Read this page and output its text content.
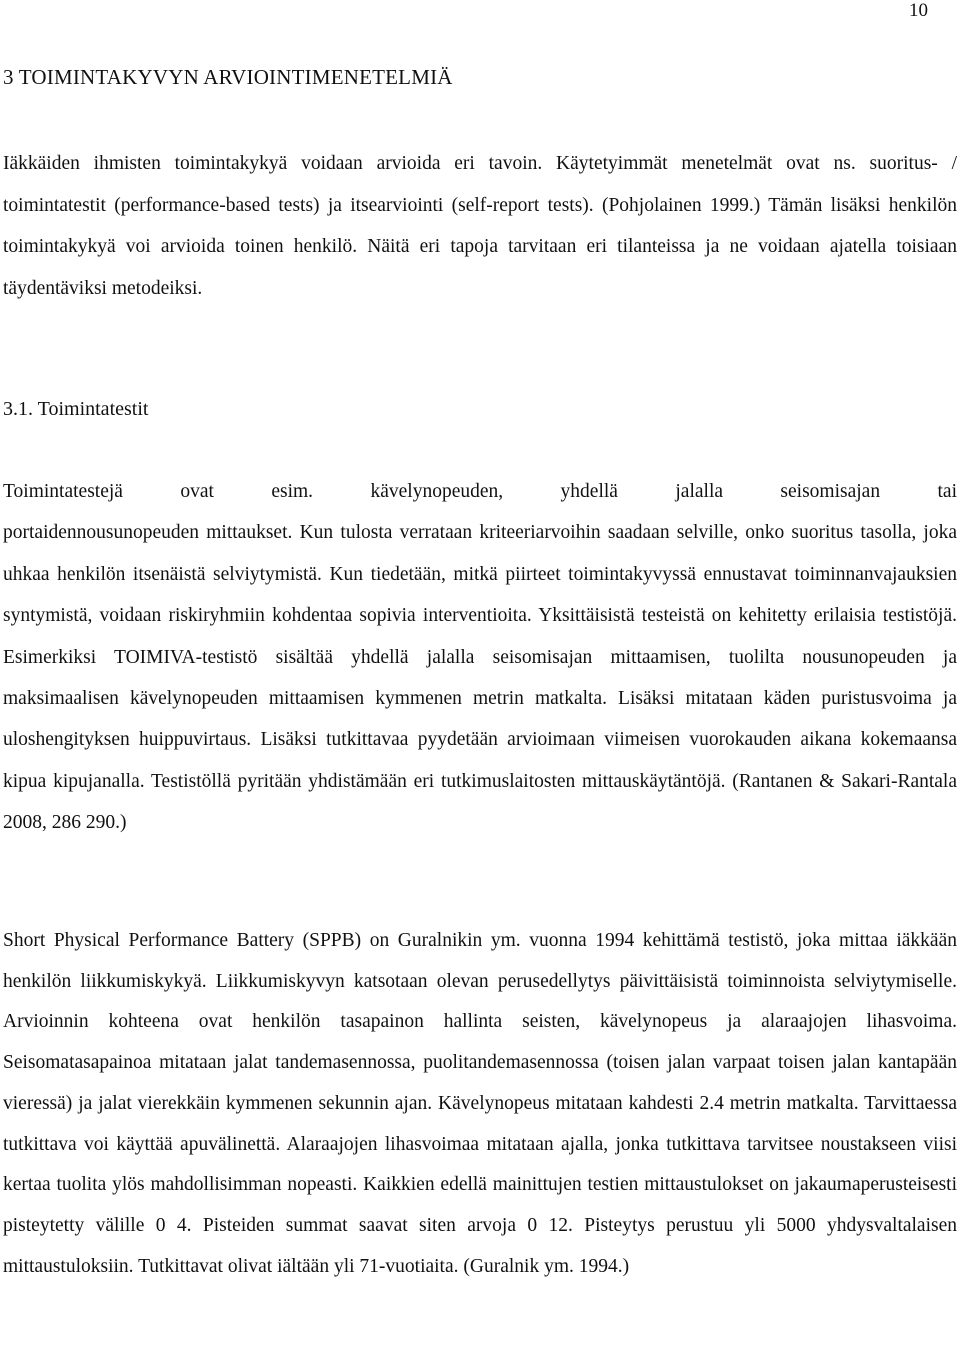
10
3 TOIMINTAKYVYN ARVIOINTIMENETELMIÄ

Iäkkäiden ihmisten toimintakykyä voidaan arvioida eri tavoin. Käytetyimmät menetelmät ovat ns. suoritus- / toimintatestit (performance-based tests) ja itsearviointi (self-report tests). (Pohjolainen 1999.) Tämän lisäksi henkilön toimintakykyä voi arvioida toinen henkilö. Näitä eri tapoja tarvitaan eri tilanteissa ja ne voidaan ajatella toisiaan täydentäviksi metodeiksi.

3.1. Toimintatestit

Toimintatestejä ovat esim. kävelynopeuden, yhdellä jalalla seisomisajan tai

portaidennousunopeuden mittaukset. Kun tulosta verrataan kriteeriarvoihin saadaan selville, onko suoritus tasolla, joka uhkaa henkilön itsenäistä selviytymistä. Kun tiedetään, mitkä piirteet toimintakyvyssä ennustavat toiminnanvajauksien syntymistä, voidaan riskiryhmiin kohdentaa sopivia interventioita. Yksittäisistä testeistä on kehitetty erilaisia testistöjä. Esimerkiksi TOIMIVA-testistö sisältää yhdellä jalalla seisomisajan mittaamisen, tuolilta nousunopeuden ja maksimaalisen kävelynopeuden mittaamisen kymmenen metrin matkalta. Lisäksi mitataan käden puristusvoima ja uloshengityksen huippuvirtaus. Lisäksi tutkittavaa pyydetään arvioimaan viimeisen vuorokauden aikana kokemaansa kipua kipujanalla. Testistöllä pyritään yhdistämään eri tutkimuslaitosten mittauskäytäntöjä. (Rantanen & Sakari-Rantala 2008, 286 290.)

Short Physical Performance Battery (SPPB) on Guralnikin ym. vuonna 1994 kehittämä testistö, joka mittaa iäkkään henkilön liikkumiskykyä. Liikkumiskyvyn katsotaan olevan perusedellytys päivittäisistä toiminnoista selviytymiselle. Arvioinnin kohteena ovat henkilön tasapainon hallinta seisten, kävelynopeus ja alaraajojen lihasvoima. Seisomatasapainoa mitataan jalat tandemasennossa, puolitandemasennossa (toisen jalan varpaat toisen jalan kantapään vieressä) ja jalat vierekkäin kymmenen sekunnin ajan. Kävelynopeus mitataan kahdesti 2.4 metrin matkalta. Tarvittaessa tutkittava voi käyttää apuvälinettä. Alaraajojen lihasvoimaa mitataan ajalla, jonka tutkittava tarvitsee noustakseen viisi kertaa tuolita ylös mahdollisimman nopeasti. Kaikkien edellä mainittujen testien mittaustulokset on jakaumaperusteisesti pisteytetty välille 0 4. Pisteiden summat saavat siten arvoja 0 12. Pisteytys perustuu yli 5000 yhdysvaltalaisen mittaustuloksiin. Tutkittavat olivat iältään yli 71-vuotiaita. (Guralnik ym. 1994.)
